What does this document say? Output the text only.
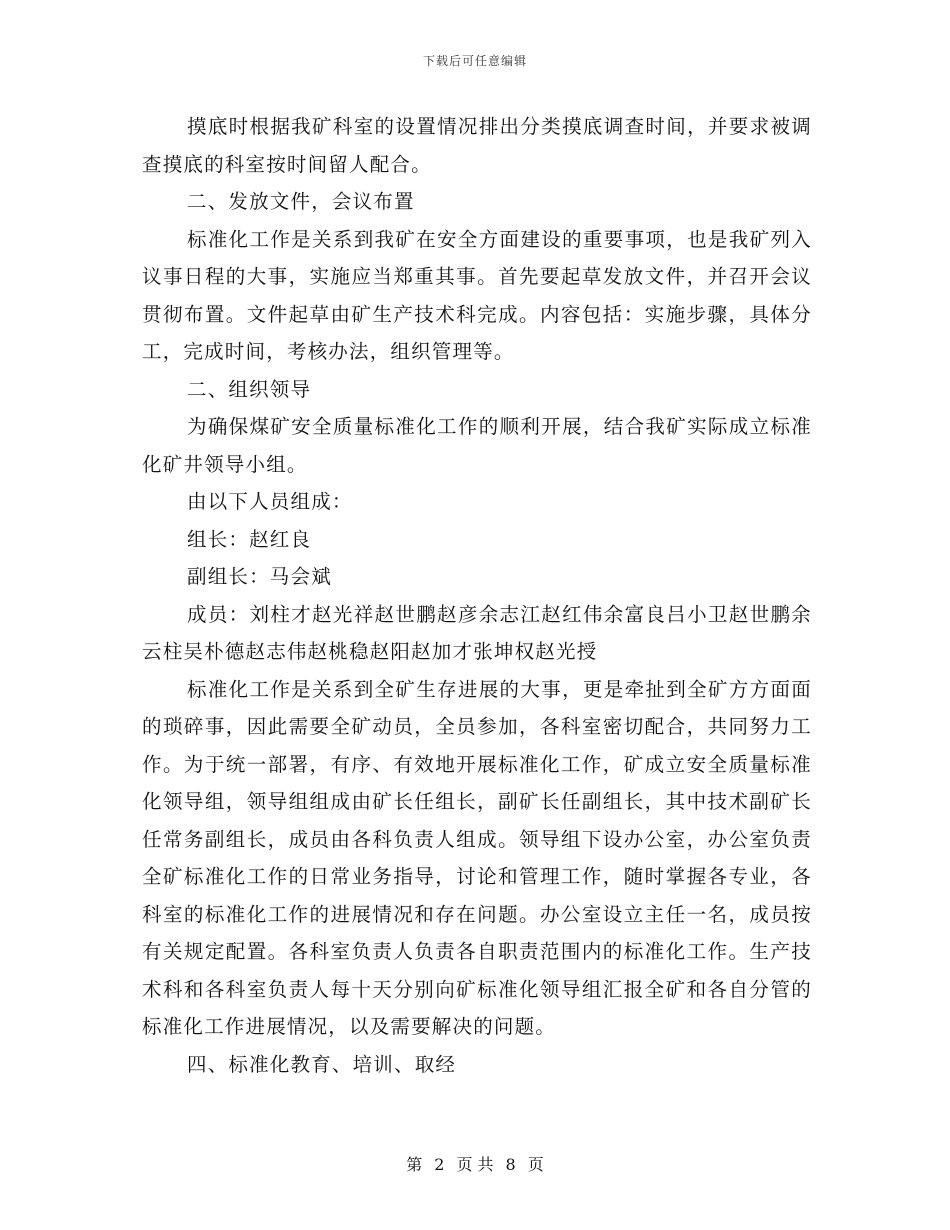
下载后可任意编辑

摸底时根据我矿科室的设置情况排出分类摸底调查时间，并要求被调查摸底的科室按时间留人配合。

二、发放文件，会议布置

标准化工作是关系到我矿在安全方面建设的重要事项，也是我矿列入议事日程的大事，实施应当郑重其事。首先要起草发放文件，并召开会议贯彻布置。文件起草由矿生产技术科完成。内容包括：实施步骤，具体分工，完成时间，考核办法，组织管理等。

二、组织领导

为确保煤矿安全质量标准化工作的顺利开展，结合我矿实际成立标准化矿井领导小组。

由以下人员组成：

组长：赵红良

副组长：马会斌

成员：刘柱才赵光祥赵世鹏赵彦余志江赵红伟余富良吕小卫赵世鹏余云柱吴朴德赵志伟赵桃稳赵阳赵加才张坤权赵光授

标准化工作是关系到全矿生存进展的大事，更是牵扯到全矿方方面面的琐碎事，因此需要全矿动员，全员参加，各科室密切配合，共同努力工作。为于统一部署，有序、有效地开展标准化工作，矿成立安全质量标准化领导组，领导组组成由矿长任组长，副矿长任副组长，其中技术副矿长任常务副组长，成员由各科负责人组成。领导组下设办公室，办公室负责全矿标准化工作的日常业务指导，讨论和管理工作，随时掌握各专业，各科室的标准化工作的进展情况和存在问题。办公室设立主任一名，成员按有关规定配置。各科室负责人负责各自职责范围内的标准化工作。生产技术科和各科室负责人每十天分别向矿标准化领导组汇报全矿和各自分管的标准化工作进展情况，以及需要解决的问题。

四、标准化教育、培训、取经

第 2 页 共 8 页
